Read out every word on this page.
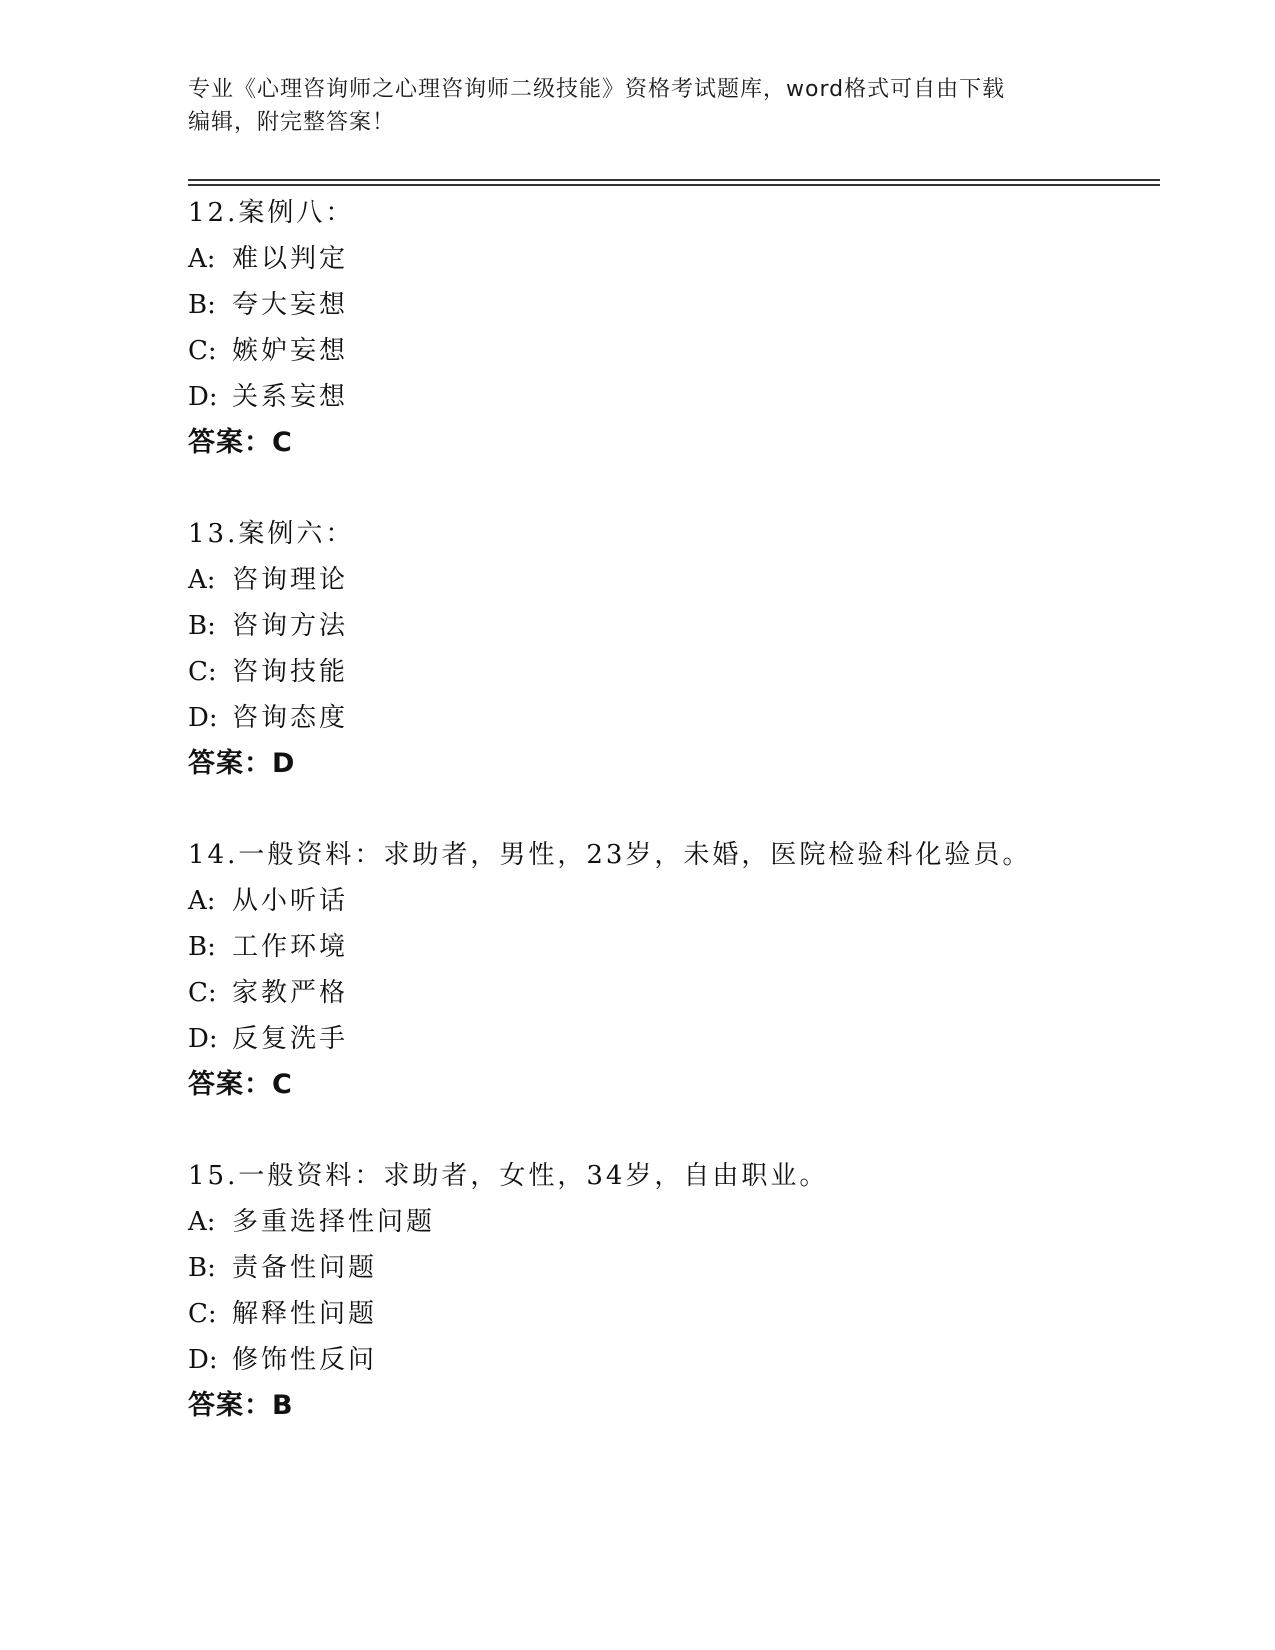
专业《心理咨询师之心理咨询师二级技能》资格考试题库，word格式可自由下载

编辑，附完整答案！

12.案例八：
A: 难以判定
B: 夸大妄想
C: 嫉妒妄想
D: 关系妄想
答案：C
13.案例六：
A: 咨询理论
B: 咨询方法
C: 咨询技能
D: 咨询态度
答案：D
14.一般资料：求助者，男性，23岁，未婚，医院检验科化验员。
A: 从小听话
B: 工作环境
C: 家教严格
D: 反复洗手
答案：C
15.一般资料：求助者，女性，34岁，自由职业。
A: 多重选择性问题
B: 责备性问题
C: 解释性问题
D: 修饰性反问
答案：B
